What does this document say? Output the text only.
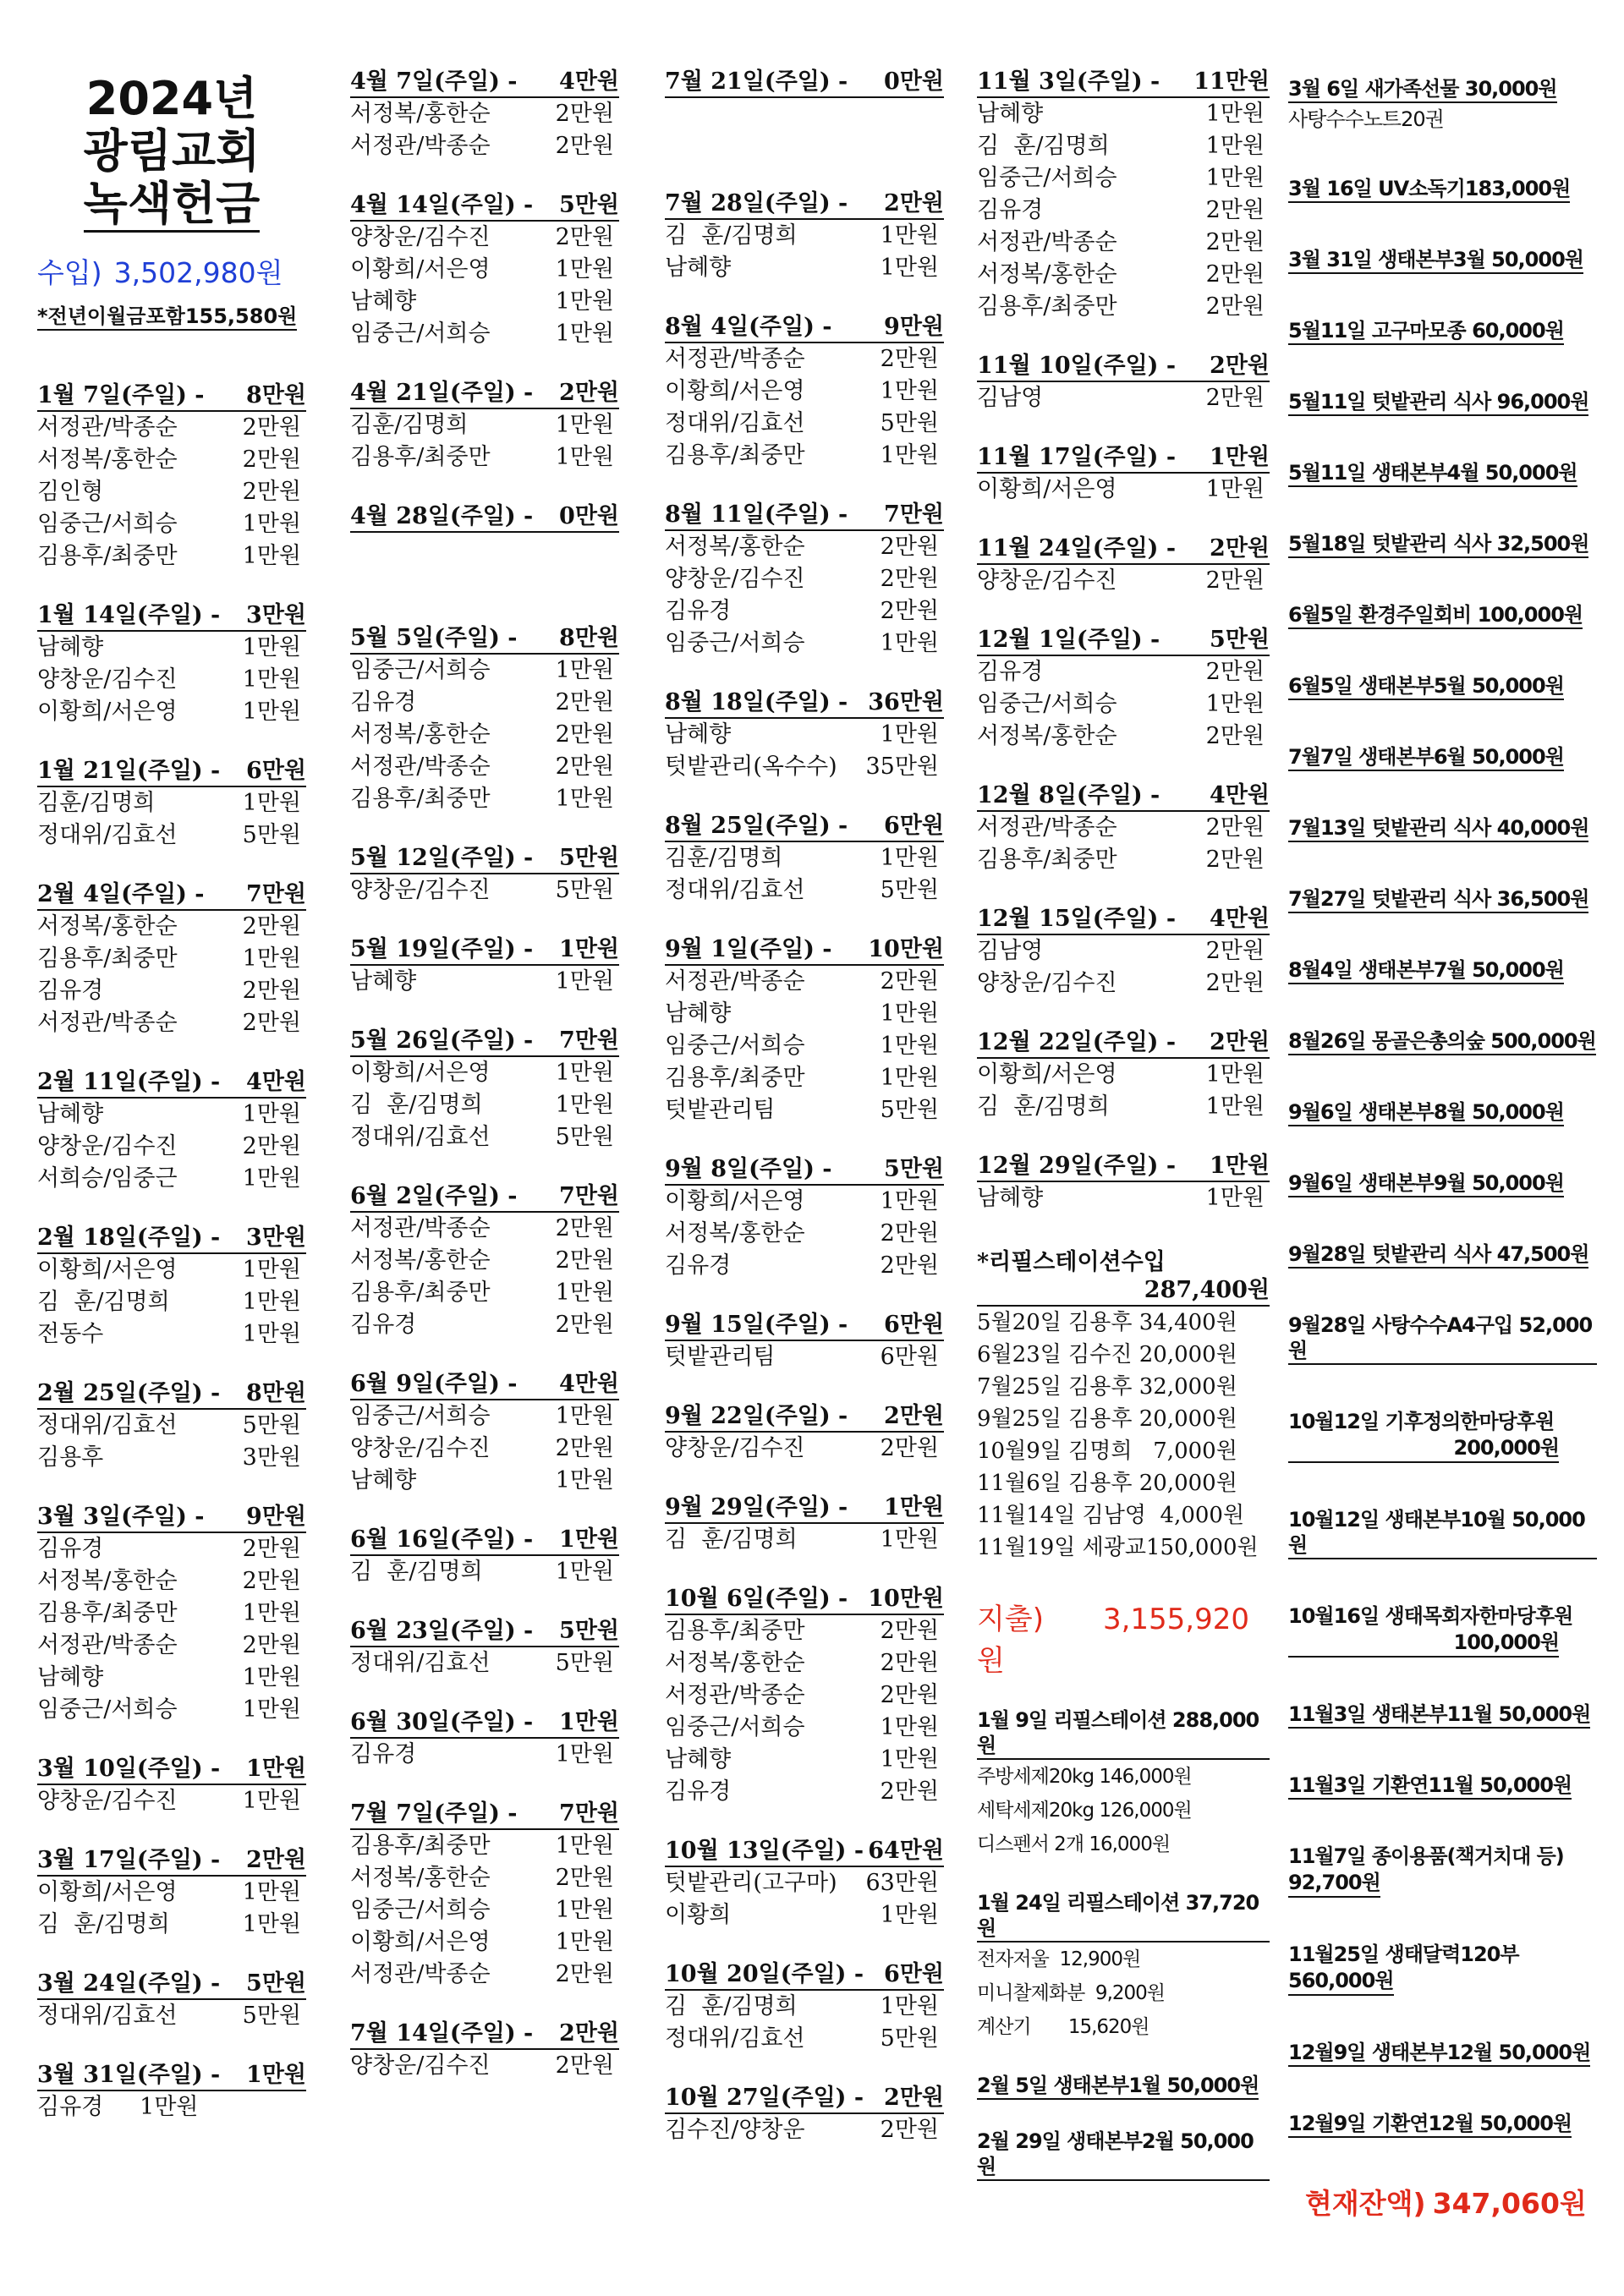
2024년
광림교회
녹색헌금
수입) 3,502,980원
*전년이월금포함155,580원
1월 7일(주일) - 8만원
서정관/박종순	2만원
서정복/홍한순	2만원
김인형	2만원
임중근/서희승	1만원
김용후/최중만	1만원
1월 14일(주일) - 3만원
남혜향	1만원
양창운/김수진	1만원
이황희/서은영	1만원
1월 21일(주일) - 6만원
김훈/김명희	1만원
정대위/김효선	5만원
2월 4일(주일) - 7만원
서정복/홍한순	2만원
김용후/최중만	1만원
김유경	2만원
서정관/박종순	2만원
2월 11일(주일) - 4만원
남혜향	1만원
양창운/김수진	2만원
서희승/임중근	1만원
2월 18일(주일) - 3만원
이황희/서은영	1만원
김  훈/김명희	1만원
전동수	1만원
2월 25일(주일) - 8만원
정대위/김효선	5만원
김용후	3만원
3월 3일(주일) - 9만원
김유경	2만원
서정복/홍한순	2만원
김용후/최중만	1만원
서정관/박종순	2만원
남혜향	1만원
임중근/서희승	1만원
3월 10일(주일) - 1만원
양창운/김수진	1만원
3월 17일(주일) - 2만원
이황희/서은영	1만원
김  훈/김명희	1만원
3월 24일(주일) - 5만원
정대위/김효선	5만원
3월 31일(주일) - 1만원
김유경     1만원
4월 7일(주일) - 4만원
서정복/홍한순	2만원
서정관/박종순	2만원
4월 14일(주일) - 5만원
양창운/김수진	2만원
이황희/서은영	1만원
남혜향	1만원
임중근/서희승	1만원
4월 21일(주일) - 2만원
김훈/김명희	1만원
김용후/최중만	1만원
4월 28일(주일) - 0만원
5월 5일(주일) - 8만원
임중근/서희승	1만원
김유경	2만원
서정복/홍한순	2만원
서정관/박종순	2만원
김용후/최중만	1만원
5월 12일(주일) - 5만원
양창운/김수진	5만원
5월 19일(주일) - 1만원
남혜향	1만원
5월 26일(주일) - 7만원
이황희/서은영	1만원
김  훈/김명희	1만원
정대위/김효선	5만원
6월 2일(주일) - 7만원
서정관/박종순	2만원
서정복/홍한순	2만원
김용후/최중만	1만원
김유경	2만원
6월 9일(주일) - 4만원
임중근/서희승	1만원
양창운/김수진	2만원
남혜향	1만원
6월 16일(주일) - 1만원
김  훈/김명희	1만원
6월 23일(주일) - 5만원
정대위/김효선	5만원
6월 30일(주일) - 1만원
김유경	1만원
7월 7일(주일) - 7만원
김용후/최중만	1만원
서정복/홍한순	2만원
임중근/서희승	1만원
이황희/서은영	1만원
서정관/박종순	2만원
7월 14일(주일) - 2만원
양창운/김수진	2만원
7월 21일(주일) - 0만원
7월 28일(주일) - 2만원
김  훈/김명희	1만원
남혜향	1만원
8월 4일(주일) - 9만원
서정관/박종순	2만원
이황희/서은영	1만원
정대위/김효선	5만원
김용후/최중만	1만원
8월 11일(주일) - 7만원
서정복/홍한순	2만원
양창운/김수진	2만원
김유경	2만원
임중근/서희승	1만원
8월 18일(주일) - 36만원
남혜향	1만원
텃밭관리(옥수수) 35만원
8월 25일(주일) - 6만원
김훈/김명희	1만원
정대위/김효선	5만원
9월 1일(주일) - 10만원
서정관/박종순	2만원
남혜향	1만원
임중근/서희승	1만원
김용후/최중만	1만원
텃밭관리팀	5만원
9월 8일(주일) - 5만원
이황희/서은영	1만원
서정복/홍한순	2만원
김유경	2만원
9월 15일(주일) - 6만원
텃밭관리팀	6만원
9월 22일(주일) - 2만원
양창운/김수진	2만원
9월 29일(주일) - 1만원
김  훈/김명희	1만원
10월 6일(주일) - 10만원
김용후/최중만	2만원
서정복/홍한순	2만원
서정관/박종순	2만원
임중근/서희승	1만원
남혜향	1만원
김유경	2만원
10월 13일(주일) - 64만원
텃밭관리(고구마) 63만원
이황희	1만원
10월 20일(주일) - 6만원
김  훈/김명희	1만원
정대위/김효선	5만원
10월 27일(주일) - 2만원
김수진/양창운	2만원
11월 3일(주일) - 11만원
남혜향	1만원
김  훈/김명희	1만원
임중근/서희승	1만원
김유경	2만원
서정관/박종순	2만원
서정복/홍한순	2만원
김용후/최중만	2만원
11월 10일(주일) - 2만원
김남영	2만원
11월 17일(주일) - 1만원
이황희/서은영	1만원
11월 24일(주일) - 2만원
양창운/김수진	2만원
12월 1일(주일) - 5만원
김유경	2만원
임중근/서희승	1만원
서정복/홍한순	2만원
12월 8일(주일) - 4만원
서정관/박종순	2만원
김용후/최중만	2만원
12월 15일(주일) - 4만원
김남영	2만원
양창운/김수진	2만원
12월 22일(주일) - 2만원
이황희/서은영	1만원
김  훈/김명희	1만원
12월 29일(주일) - 1만원
남혜향	1만원
*리필스테이션수입
287,400원
5월20일 김용후 34,400원
6월23일 김수진 20,000원
7월25일 김용후 32,000원
9월25일 김용후 20,000원
10월9일 김명희   7,000원
11월6일 김용후 20,000원
11월14일 김남영  4,000원
11월19일 세광교150,000원
지출) 3,155,920원
1월 9일 리필스테이션 288,000원
주방세제20kg 146,000원
세탁세제20kg 126,000원
디스펜서 2개 16,000원
1월 24일 리필스테이션 37,720원
전자저울  12,900원
미니찰제화분  9,200원
계산기       15,620원
2월 5일 생태본부1월 50,000원
2월 29일 생태본부2월 50,000원
3월 6일 새가족선물 30,000원
사탕수수노트20권
3월 16일 UV소독기183,000원
3월 31일 생태본부3월 50,000원
5월11일 고구마모종 60,000원
5월11일 텃밭관리 식사 96,000원
5월11일 생태본부4월 50,000원
5월18일 텃밭관리 식사 32,500원
6월5일 환경주일회비 100,000원
6월5일 생태본부5월 50,000원
7월7일 생태본부6월 50,000원
7월13일 텃밭관리 식사 40,000원
7월27일 텃밭관리 식사 36,500원
8월4일 생태본부7월 50,000원
8월26일 몽골은총의숲 500,000원
9월6일 생태본부8월 50,000원
9월6일 생태본부9월 50,000원
9월28일 텃밭관리 식사 47,500원
9월28일 사탕수수A4구입 52,000원
10월12일 기후정의한마당후원
200,000원
10월12일 생태본부10월 50,000원
10월16일 생태목회자한마당후원
100,000원
11월3일 생태본부11월 50,000원
11월3일 기환연11월 50,000원
11월7일 종이용품(책거치대 등)
92,700원
11월25일 생태달력120부
560,000원
12월9일 생태본부12월 50,000원
12월9일 기환연12월 50,000원
현재잔액) 347,060원
